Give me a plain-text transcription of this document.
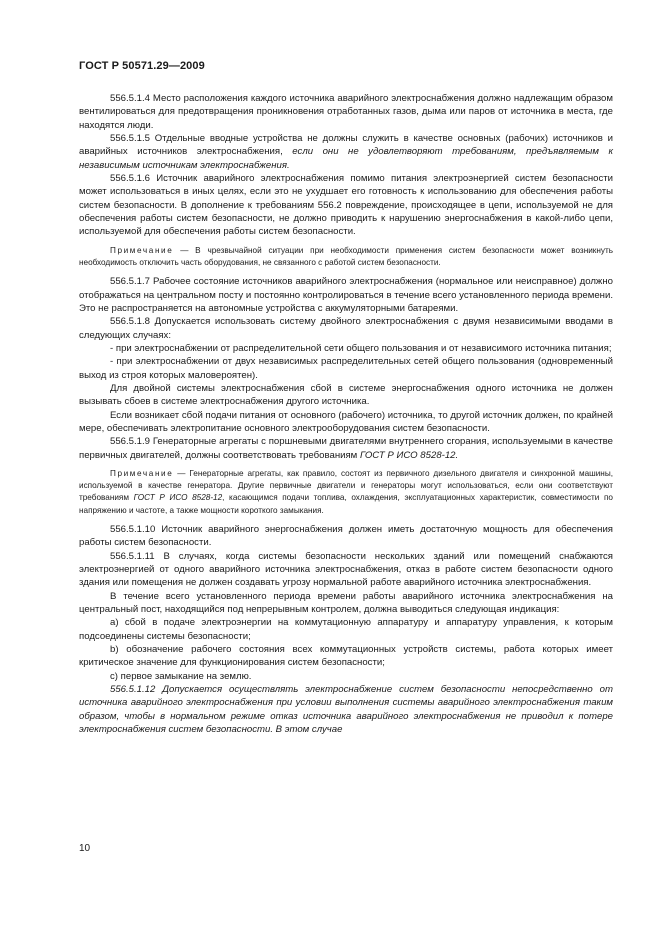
ГОСТ Р 50571.29—2009

556.5.1.4 Место расположения каждого источника аварийного электроснабжения должно надлежащим образом вентилироваться для предотвращения проникновения отработанных газов, дыма или паров от источника в места, где находятся люди.

556.5.1.5 Отдельные вводные устройства не должны служить в качестве основных (рабочих) источников и аварийных источников электроснабжения, если они не удовлетворяют требованиям, предъявляемым к независимым источникам электроснабжения.

556.5.1.6 Источник аварийного электроснабжения помимо питания электроэнергией систем безопасности может использоваться в иных целях, если это не ухудшает его готовность к использованию для обеспечения работы систем безопасности. В дополнение к требованиям 556.2 повреждение, происходящее в цепи, используемой не для обеспечения работы систем безопасности, не должно приводить к нарушению энергоснабжения в какой-либо цепи, используемой для обеспечения работы систем безопасности.

Примечание — В чрезвычайной ситуации при необходимости применения систем безопасности может возникнуть необходимость отключить часть оборудования, не связанного с работой систем безопасности.

556.5.1.7 Рабочее состояние источников аварийного электроснабжения (нормальное или неисправное) должно отображаться на центральном посту и постоянно контролироваться в течение всего установленного периода времени. Это не распространяется на автономные устройства с аккумуляторными батареями.

556.5.1.8 Допускается использовать систему двойного электроснабжения с двумя независимыми вводами в следующих случаях:

- при электроснабжении от распределительной сети общего пользования и от независимого источника питания;

- при электроснабжении от двух независимых распределительных сетей общего пользования (одновременный выход из строя которых маловероятен).

Для двойной системы электроснабжения сбой в системе энергоснабжения одного источника не должен вызывать сбоев в системе электроснабжения другого источника.

Если возникает сбой подачи питания от основного (рабочего) источника, то другой источник должен, по крайней мере, обеспечивать электропитание основного электрооборудования систем безопасности.

556.5.1.9 Генераторные агрегаты с поршневыми двигателями внутреннего сгорания, используемыми в качестве первичных двигателей, должны соответствовать требованиям ГОСТ Р ИСО 8528-12.

Примечание — Генераторные агрегаты, как правило, состоят из первичного дизельного двигателя и синхронной машины, используемой в качестве генератора. Другие первичные двигатели и генераторы могут использоваться, если они соответствуют требованиям ГОСТ Р ИСО 8528-12, касающимся подачи топлива, охлаждения, эксплуатационных характеристик, совместимости по напряжению и частоте, а также мощности короткого замыкания.

556.5.1.10 Источник аварийного энергоснабжения должен иметь достаточную мощность для обеспечения работы систем безопасности.

556.5.1.11 В случаях, когда системы безопасности нескольких зданий или помещений снабжаются электроэнергией от одного аварийного источника электроснабжения, отказ в работе систем безопасности одного здания или помещения не должен создавать угрозу нормальной работе аварийного источника электроснабжения.

В течение всего установленного периода времени работы аварийного источника электроснабжения на центральный пост, находящийся под непрерывным контролем, должна выводиться следующая индикация:

а) сбой в подаче электроэнергии на коммутационную аппаратуру и аппаратуру управления, к которым подсоединены системы безопасности;

b) обозначение рабочего состояния всех коммутационных устройств системы, работа которых имеет критическое значение для функционирования систем безопасности;

с) первое замыкание на землю.

556.5.1.12 Допускается осуществлять электроснабжение систем безопасности непосредственно от источника аварийного электроснабжения при условии выполнения системы аварийного электроснабжения таким образом, чтобы в нормальном режиме отказ источника аварийного электроснабжения не приводил к потере электроснабжения систем безопасности. В этом случае

10
